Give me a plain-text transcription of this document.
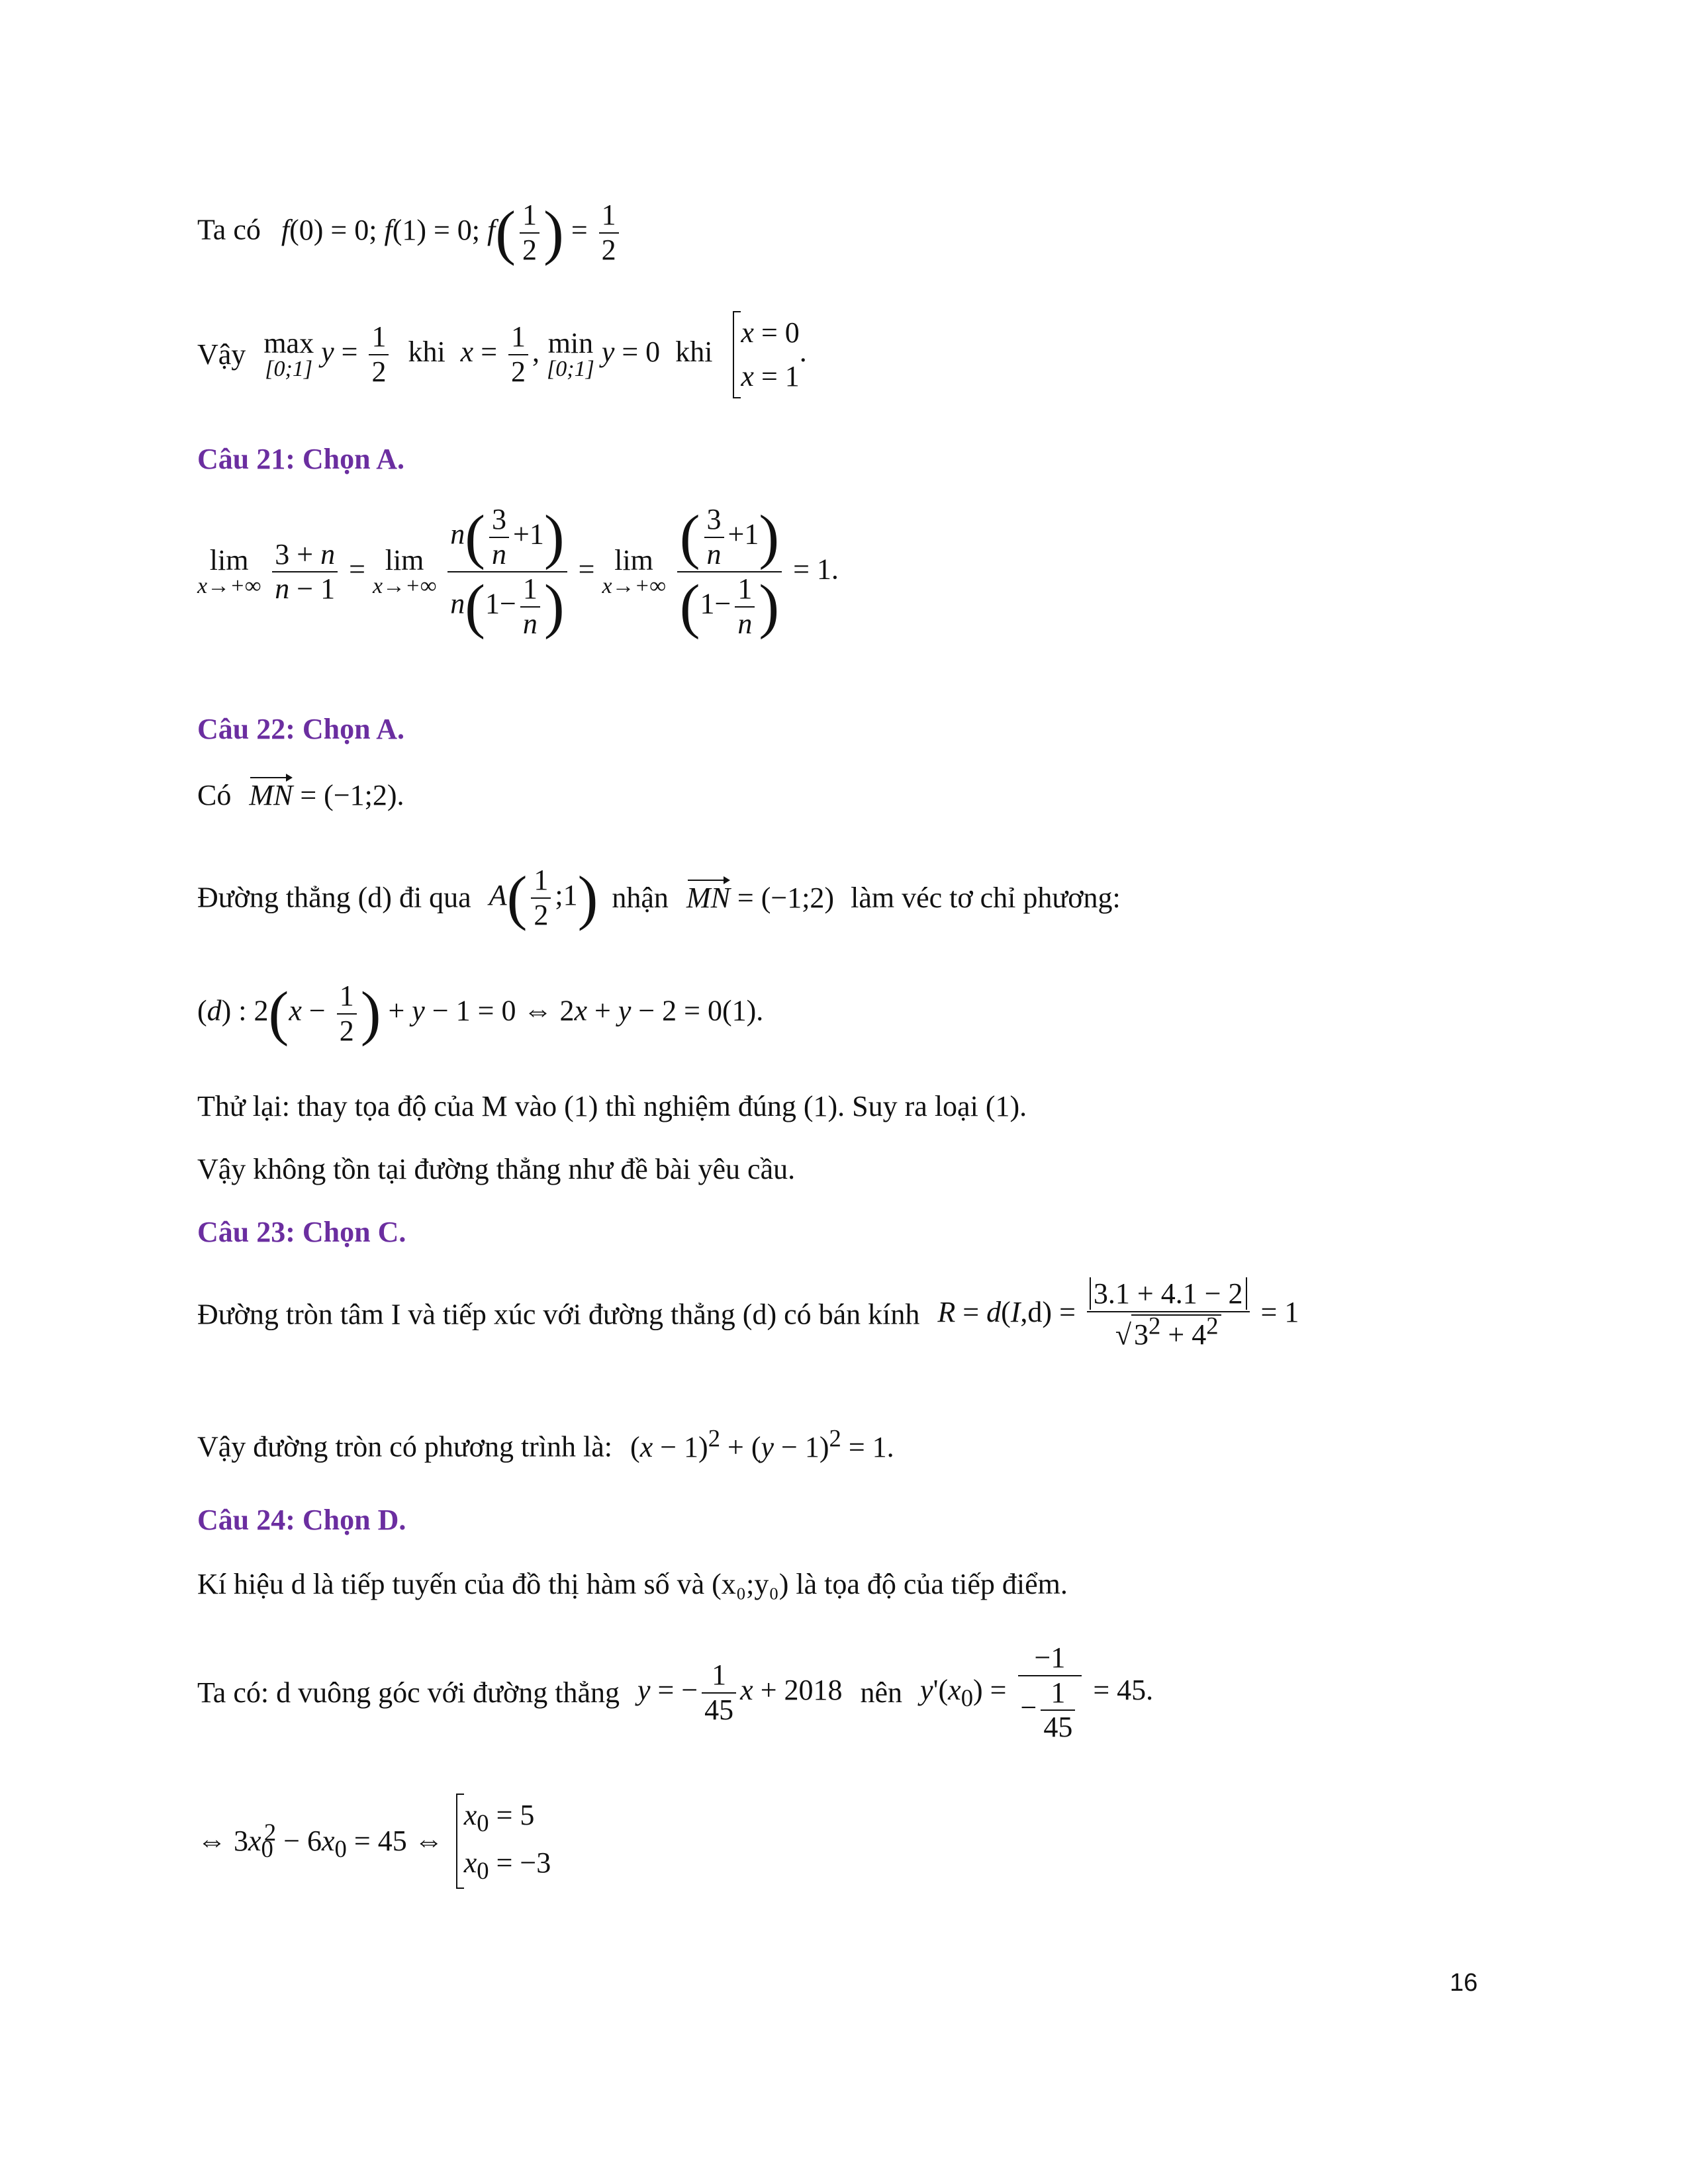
Ta có f(0) = 0; f(1) = 0; $f( \frac{1}{2}$ ) = $\frac{1}{2}$
Vậy max
[0;1]
$y = \frac{1}{2}$ khi $x = \frac{1}{2}$ , min
[0;1]
y = 0 khi
x = 0
x = 1
.
Câu 21: Chọn A.
lim
x→+∞
$\frac{3 + n}{n - 1} = \lim$
x→+∞
$\frac{n( \frac{3}{n} +1)}{n(1- \frac{1}{n} )} = \lim$
x→+∞
$\frac{( \frac{3}{n} +1)}{(1- \frac{1}{n} )} = 1$.
Câu 22: Chọn A.
Có MN = (−1;2).
Đường thẳng (d) đi qua $A( \frac{1}{2}$ ;1) nhận MN = (−1;2) làm véc tơ chỉ phương:
(d) : $2(x - \frac{1}{2}$ ) + y − 1 = 0 ⇔ 2x + y − 2 = 0(1).
Thử lại: thay tọa độ của M vào (1) thì nghiệm đúng (1). Suy ra loại (1).
Vậy không tồn tại đường thẳng như đề bài yêu cầu.
Câu 23: Chọn C.
Đường tròn tâm I và tiếp xúc với đường thẳng (d) có bán kính $R = d(I,d) = \frac{3.1 + 4.1 - 2}{√3^2 + 4^2} = 1$
Vậy đường tròn có phương trình là: $(x - 1)^2 + (y - 1)^2 = 1$.
Câu 24: Chọn D.
Kí hiệu d là tiếp tuyến của đồ thị hàm số và (x₀;y₀) là tọa độ của tiếp điểm.
Ta có: d vuông góc với đường thẳng y = − $\frac{1}{45}$ x + 2018 nên $y'(x_0) = \frac{-1}{- \frac{1}{45}} = 45$.
⇔ $3x_0^2 - 6x_0 = 45$ ⇔
$x_0 = 5$
$x_0 = -3$
16
